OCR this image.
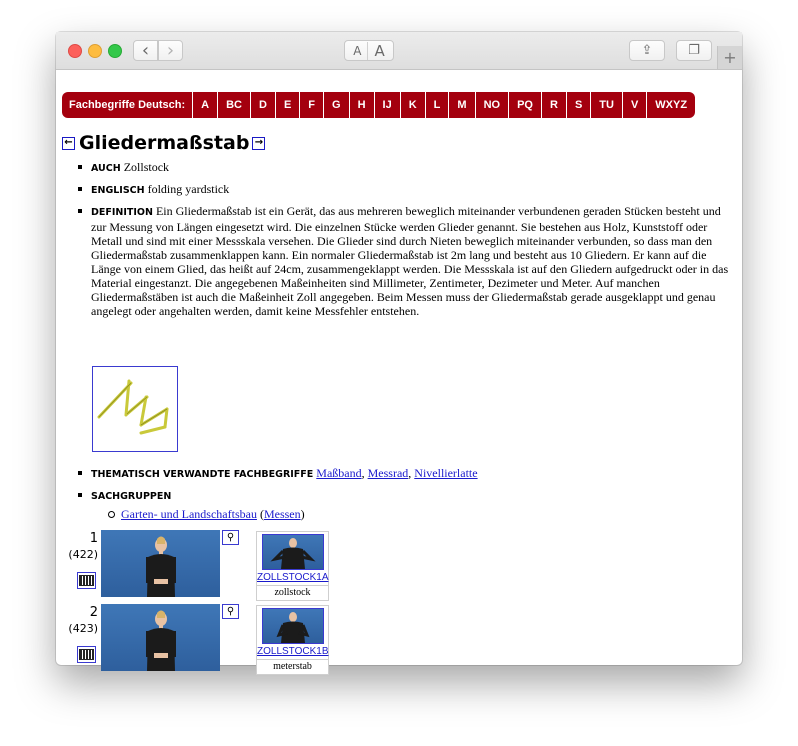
‹ ›	A A	⇪	❐ +
Fachbegriffe Deutsch:	A	BC	D	E	F	G	H	IJ	K	L	M	NO	PQ	R	S	TU	V	WXYZ
← Gliedermaßstab →
AUCH Zollstock
ENGLISCH folding yardstick
DEFINITION Ein Gliedermaßstab ist ein Gerät, das aus mehreren beweglich miteinander verbundenen geraden Stücken besteht und zur Messung von Längen eingesetzt wird. Die einzelnen Stücke werden Glieder genannt. Sie bestehen aus Holz, Kunststoff oder Metall und sind mit einer Messskala versehen. Die Glieder sind durch Nieten beweglich miteinander verbunden, so dass man den Gliedermaßstab zusammenklappen kann. Ein normaler Gliedermaßstab ist 2m lang und besteht aus 10 Gliedern. Er kann auf die Länge von einem Glied, das heißt auf 24cm, zusammengeklappt werden. Die Messskala ist auf den Gliedern aufgedruckt oder in das Material eingestanzt. Die angegebenen Maßeinheiten sind Millimeter, Zentimeter, Dezimeter und Meter. Auf manchen Gliedermaßstäben ist auch die Maßeinheit Zoll angegeben. Beim Messen muss der Gliedermaßstab gerade ausgeklappt und genau angelegt oder angehalten werden, damit keine Messfehler entstehen.
THEMATISCH VERWANDTE FACHBEGRIFFE Maßband, Messrad, Nivellierlatte
SACHGRUPPEN
Garten- und Landschaftsbau (Messen)
1
(422)
⚲
ZOLLSTOCK1A
zollstock
2
(423)
⚲
ZOLLSTOCK1B
meterstab
